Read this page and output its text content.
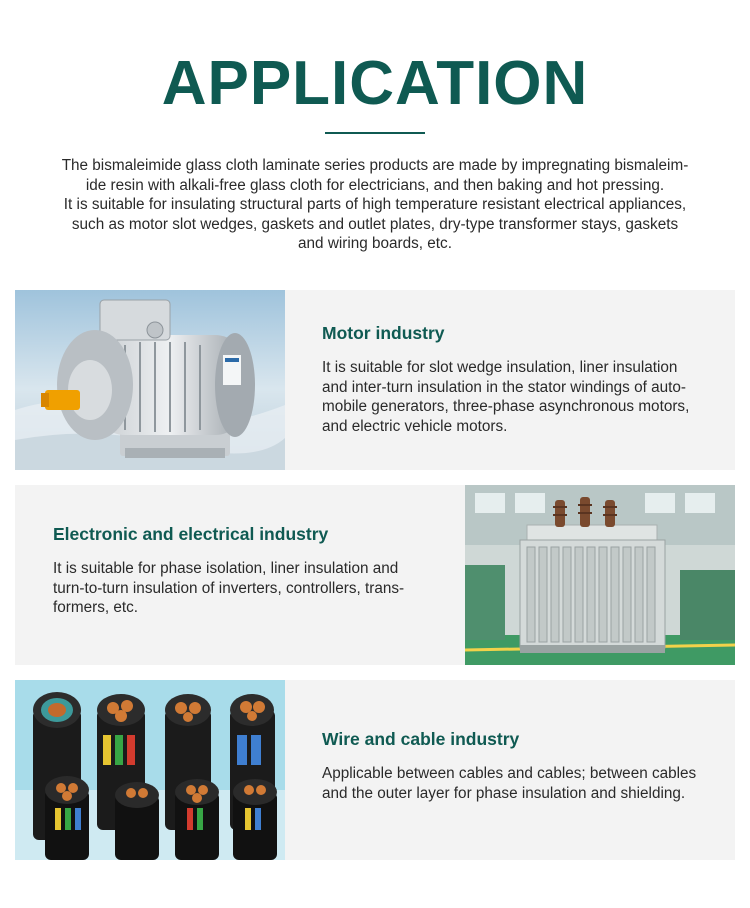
APPLICATION

The bismaleimide glass cloth laminate series products are made by impregnating bismaleim-

ide resin with alkali-free glass cloth for electricians, and then baking and hot pressing.

It is suitable for insulating structural parts of high temperature resistant electrical appliances,

such as motor slot wedges, gaskets and outlet plates, dry-type transformer stays, gaskets

and wiring boards, etc.

Motor industry
It is suitable for slot wedge insulation, liner insulation
and inter-turn insulation in the stator windings of auto-
mobile generators, three-phase asynchronous motors,
and electric vehicle motors.
Electronic and electrical industry
It is suitable for phase isolation, liner insulation and
turn-to-turn insulation of inverters, controllers, trans-
formers, etc.
Wire and cable industry
Applicable between cables and cables; between cables
and the outer layer for phase insulation and shielding.
